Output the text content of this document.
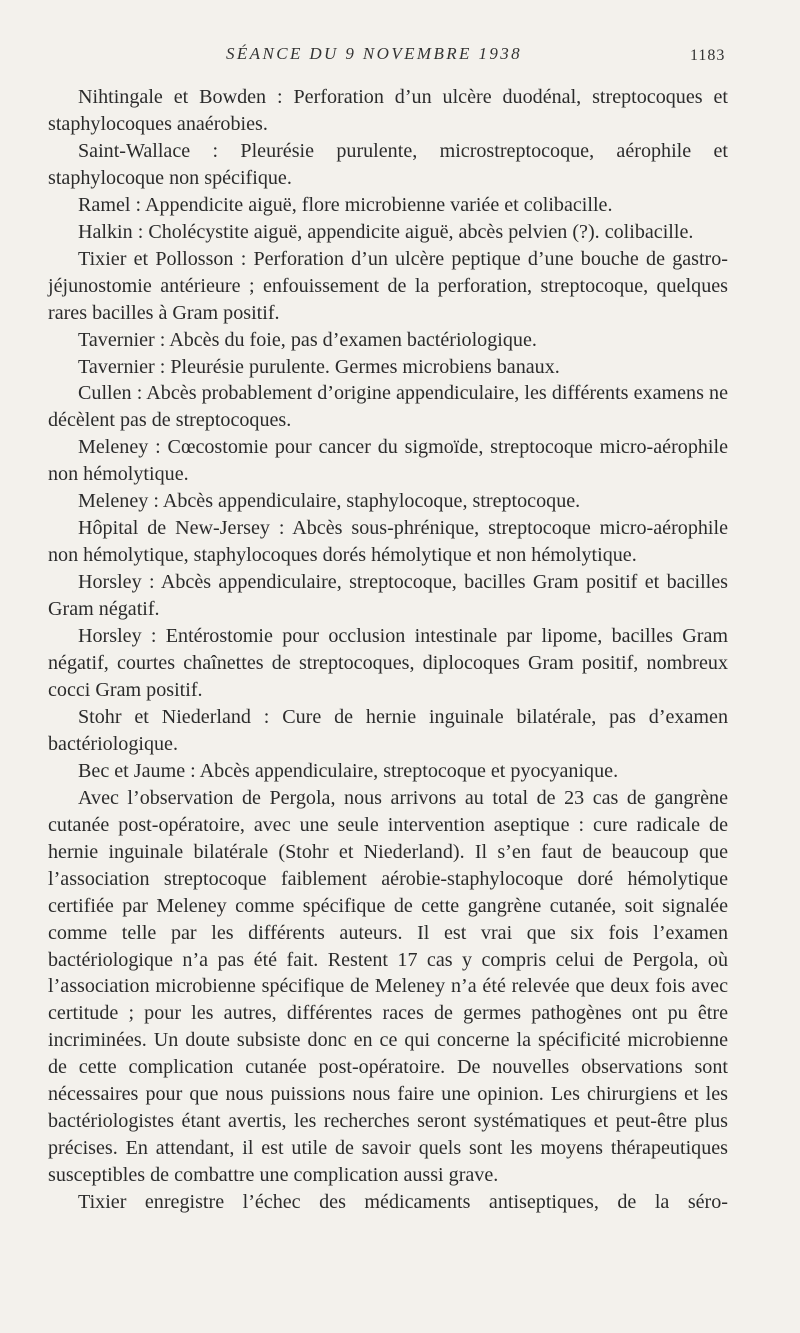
SÉANCE DU 9 NOVEMBRE 1938	1183

Nihtingale et Bowden : Perforation d’un ulcère duodénal, streptocoques et staphylocoques anaérobies.

Saint-Wallace : Pleurésie purulente, microstreptocoque, aérophile et staphylocoque non spécifique.

Ramel : Appendicite aiguë, flore microbienne variée et colibacille.

Halkin : Cholécystite aiguë, appendicite aiguë, abcès pelvien (?). colibacille.

Tixier et Pollosson : Perforation d’un ulcère peptique d’une bouche de gastro-jéjunostomie antérieure ; enfouissement de la perforation, streptocoque, quelques rares bacilles à Gram positif.

Tavernier : Abcès du foie, pas d’examen bactériologique.

Tavernier : Pleurésie purulente. Germes microbiens banaux.

Cullen : Abcès probablement d’origine appendiculaire, les différents examens ne décèlent pas de streptocoques.

Meleney : Cœcostomie pour cancer du sigmoïde, streptocoque micro-aérophile non hémolytique.

Meleney : Abcès appendiculaire, staphylocoque, streptocoque.

Hôpital de New-Jersey : Abcès sous-phrénique, streptocoque micro-aérophile non hémolytique, staphylocoques dorés hémolytique et non hémolytique.

Horsley : Abcès appendiculaire, streptocoque, bacilles Gram positif et bacilles Gram négatif.

Horsley : Entérostomie pour occlusion intestinale par lipome, bacilles Gram négatif, courtes chaînettes de streptocoques, diplocoques Gram positif, nombreux cocci Gram positif.

Stohr et Niederland : Cure de hernie inguinale bilatérale, pas d’examen bactériologique.

Bec et Jaume : Abcès appendiculaire, streptocoque et pyocyanique.

Avec l’observation de Pergola, nous arrivons au total de 23 cas de gangrène cutanée post-opératoire, avec une seule intervention aseptique : cure radicale de hernie inguinale bilatérale (Stohr et Niederland). Il s’en faut de beaucoup que l’association streptocoque faiblement aérobie-staphylocoque doré hémolytique certifiée par Meleney comme spécifique de cette gangrène cutanée, soit signalée comme telle par les différents auteurs. Il est vrai que six fois l’examen bactériologique n’a pas été fait. Restent 17 cas y compris celui de Pergola, où l’association microbienne spécifique de Meleney n’a été relevée que deux fois avec certitude ; pour les autres, différentes races de germes pathogènes ont pu être incriminées. Un doute subsiste donc en ce qui concerne la spécificité microbienne de cette complication cutanée post-opératoire. De nouvelles observations sont nécessaires pour que nous puissions nous faire une opinion. Les chirurgiens et les bactériologistes étant avertis, les recherches seront systématiques et peut-être plus précises. En attendant, il est utile de savoir quels sont les moyens thérapeutiques susceptibles de combattre une complication aussi grave.

Tixier enregistre l’échec des médicaments antiseptiques, de la séro-
